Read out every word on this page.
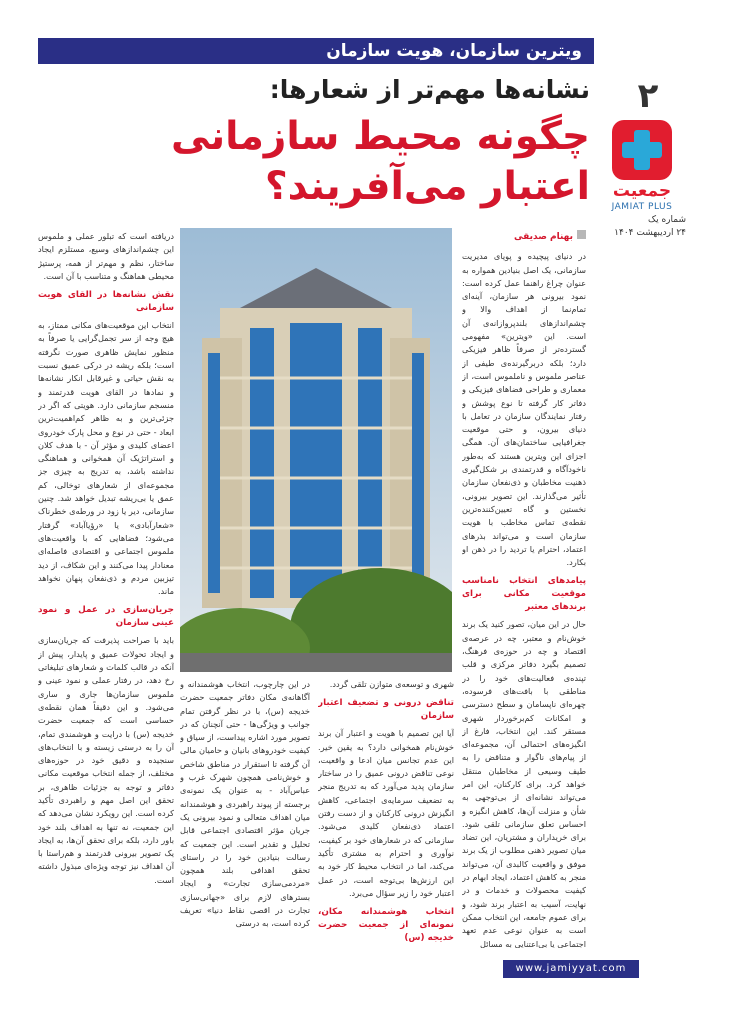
ویترین سازمان، هویت سازمان
نشانه‌ها مهم‌تر از شعارها:
چگونه محیط سازمانی اعتبار می‌آفریند؟
۲
جمعیت
JAMIAT PLUS
شماره یک
۲۴ اردیبهشت ۱۴۰۴

بهنام صدیقی

در دنیای پیچیده و پویای مدیریت سازمانی، یک اصل بنیادین همواره به عنوان چراغ راهنما عمل کرده است: نمود بیرونی هر سازمان، آینه‌ای تمام‌نما از اهداف والا و چشم‌اندازهای بلندپروازانه‌ی آن است. این «ویترین» مفهومی گسترده‌تر از صرفاً ظاهر فیزیکی دارد؛ بلکه دربرگیرنده‌ی طیفی از عناصر ملموس و ناملموس است، از معماری و طراحی فضاهای فیزیکی و دفاتر کار گرفته تا نوع پوشش و رفتار نمایندگان سازمان در تعامل با دنیای بیرون، و حتی موقعیت جغرافیایی ساختمان‌های آن. همگی اجزای این ویترین هستند که به‌طور ناخودآگاه و قدرتمندی بر شکل‌گیری ذهنیت مخاطبان و ذی‌نفعان سازمان تأثیر می‌گذارند. این تصویر بیرونی، نخستین و گاه تعیین‌کننده‌ترین نقطه‌ی تماس مخاطب با هویت سازمان است و می‌تواند بذرهای اعتماد، احترام یا تردید را در ذهن او بکارد.

پیامدهای انتخاب نامناسب موقعیت مکانی برای برندهای معتبر

حال در این میان، تصور کنید یک برند خوش‌نام و معتبر، چه در عرصه‌ی اقتصاد و چه در حوزه‌ی فرهنگ، تصمیم بگیرد دفاتر مرکزی و قلب تپنده‌ی فعالیت‌های خود را در مناطقی با بافت‌های فرسوده، چهره‌ای ناپسامان و سطح دسترسی و امکانات کم‌برخوردار شهری مستقر کند. این انتخاب، فارغ از انگیزه‌های احتمالی آن، مجموعه‌ای از پیام‌های ناگوار و متناقض را به طیف وسیعی از مخاطبان منتقل خواهد کرد. برای کارکنان، این امر می‌تواند نشانه‌ای از بی‌توجهی به شأن و منزلت آن‌ها، کاهش انگیزه و احساس تعلق سازمانی تلقی شود. برای خریداران و مشتریان، این تضاد میان تصویر ذهنی مطلوب از یک برند موفق و واقعیت کالبدی آن، می‌تواند منجر به کاهش اعتماد، ایجاد ابهام در کیفیت محصولات و خدمات و در نهایت، آسیب به اعتبار برند شود، و برای عموم جامعه، این انتخاب ممکن است به عنوان نوعی عدم تعهد اجتماعی یا بی‌اعتنایی به مسائل

شهری و توسعه‌ی متوازن تلقی گردد.

تناقض درونی و تضعیف اعتبار سازمان

آیا این تصمیم با هویت و اعتبار آن برند خوش‌نام همخوانی دارد؟ به یقین خیر. این عدم تجانس میان ادعا و واقعیت، نوعی تناقض درونی عمیق را در ساختار سازمان پدید می‌آورد که به تدریج منجر به تضعیف سرمایه‌ی اجتماعی، کاهش انگیزش درونی کارکنان و از دست رفتن اعتماد ذی‌نفعان کلیدی می‌شود. سازمانی که در شعارهای خود بر کیفیت، نوآوری و احترام به مشتری تأکید می‌کند، اما در انتخاب محیط کار خود به این ارزش‌ها بی‌توجه است، در عمل اعتبار خود را زیر سؤال می‌برد.

انتخاب هوشمندانه مکان، نمونه‌ای از جمعیت حضرت خدیجه (س)

در این چارچوب، انتخاب هوشمندانه و آگاهانه‌ی مکان دفاتر جمعیت حضرت خدیجه (س)، با در نظر گرفتن تمام جوانب و ویژگی‌ها - حتی آنچنان که در تصویر مورد اشاره پیداست، از سیاق و کیفیت خودروهای بانیان و حامیان مالی آن گرفته تا استقرار در مناطق شاخص و خوش‌نامی همچون شهرک غرب و عباس‌آباد - به عنوان یک نمونه‌ی برجسته از پیوند راهبردی و هوشمندانه میان اهداف متعالی و نمود بیرونی یک جریان مؤثر اقتصادی اجتماعی قابل تحلیل و تقدیر است. این جمعیت که رسالت بنیادین خود را در راستای تحقق اهدافی بلند همچون «مردمی‌سازی تجارت» و ایجاد بسترهای لازم برای «جهانی‌سازی تجارت در اقصی نقاط دنیا» تعریف کرده است، به درستی

دریافته است که تبلور عملی و ملموس این چشم‌اندازهای وسیع، مستلزم ایجاد ساختار، نظم و مهم‌تر از همه، پرستیژ محیطی هماهنگ و متناسب با آن است.

نقش نشانه‌ها در القای هویت سازمانی

انتخاب این موقعیت‌های مکانی ممتاز، به هیچ وجه از سر تجمل‌گرایی یا صرفاً به منظور نمایش ظاهری صورت نگرفته است؛ بلکه ریشه در درکی عمیق نسبت به نقش حیاتی و غیرقابل انکار نشانه‌ها و نمادها در القای هویت قدرتمند و منسجم سازمانی دارد. هویتی که اگر در جزئی‌ترین و به ظاهر کم‌اهمیت‌ترین ابعاد - حتی در نوع و محل پارک خودروی اعضای کلیدی و مؤثر آن - با هدف کلان و استراتژیک آن همخوانی و هماهنگی نداشته باشد، به تدریج به چیزی جز مجموعه‌ای از شعارهای توخالی، کم عمق یا بی‌ریشه تبدیل خواهد شد. چنین سازمانی، دیر یا زود در ورطه‌ی خطرناک «شعارآبادی» یا «رؤیاآباد» گرفتار می‌شود؛ فضاهایی که با واقعیت‌های ملموس اجتماعی و اقتصادی فاصله‌ای معنادار پیدا می‌کنند و این شکاف، از دید تیزبین مردم و ذی‌نفعان پنهان نخواهد ماند.

جریان‌سازی در عمل و نمود عینی سازمان

باید با صراحت پذیرفت که جریان‌سازی و ایجاد تحولات عمیق و پایدار، پیش از آنکه در قالب کلمات و شعارهای تبلیغاتی رخ دهد، در رفتار عملی و نمود عینی و ملموس سازمان‌ها جاری و ساری می‌شود. و این دقیقاً همان نقطه‌ی حساسی است که جمعیت حضرت خدیجه (س) با درایت و هوشمندی تمام، آن را به درستی زیسته و با انتخاب‌های سنجیده و دقیق خود در حوزه‌های مختلف، از جمله انتخاب موقعیت مکانی دفاتر و توجه به جزئیات ظاهری، بر تحقق این اصل مهم و راهبردی تأکید کرده است. این رویکرد نشان می‌دهد که این جمعیت، نه تنها به اهداف بلند خود باور دارد، بلکه برای تحقق آن‌ها، به ایجاد یک تصویر بیرونی قدرتمند و هم‌راستا با آن اهداف نیز توجه ویژه‌ای مبذول داشته است.

www.jamiyyat.com
